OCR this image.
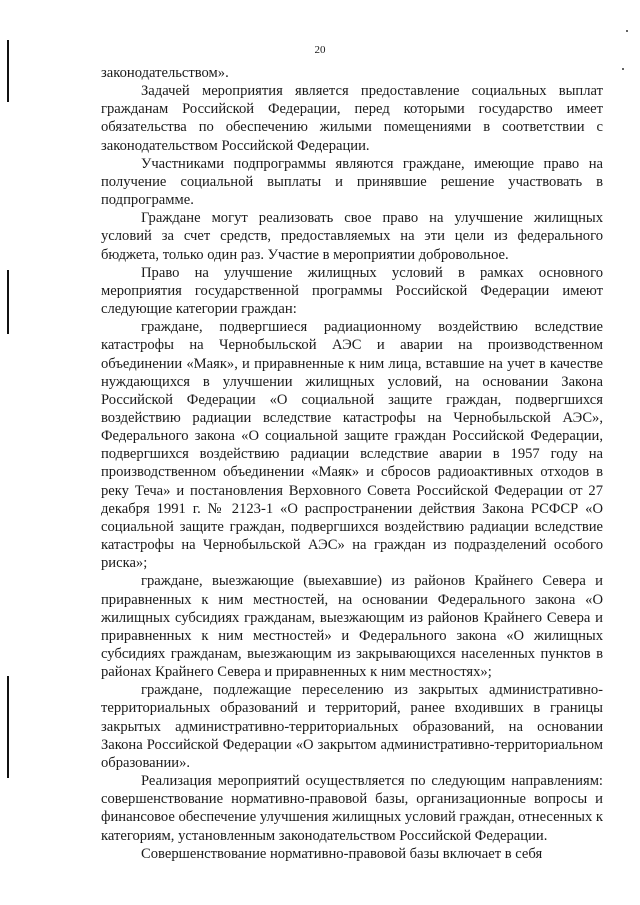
20

законодательством».

Задачей мероприятия является предоставление социальных выплат гражданам Российской Федерации, перед которыми государство имеет обязательства по обеспечению жилыми помещениями в соответствии с законодательством Российской Федерации.

Участниками подпрограммы являются граждане, имеющие право на получение социальной выплаты и принявшие решение участвовать в подпрограмме.

Граждане могут реализовать свое право на улучшение жилищных условий за счет средств, предоставляемых на эти цели из федерального бюджета, только один раз. Участие в мероприятии добровольное.

Право на улучшение жилищных условий в рамках основного мероприятия государственной программы Российской Федерации имеют следующие категории граждан:

граждане, подвергшиеся радиационному воздействию вследствие катастрофы на Чернобыльской АЭС и аварии на производственном объединении «Маяк», и приравненные к ним лица, вставшие на учет в качестве нуждающихся в улучшении жилищных условий, на основании Закона Российской Федерации «О социальной защите граждан, подвергшихся воздействию радиации вследствие катастрофы на Чернобыльской АЭС», Федерального закона «О социальной защите граждан Российской Федерации, подвергшихся воздействию радиации вследствие аварии в 1957 году на производственном объединении «Маяк» и сбросов радиоактивных отходов в реку Теча» и постановления Верховного Совета Российской Федерации от 27 декабря 1991 г. № 2123-1 «О распространении действия Закона РСФСР «О социальной защите граждан, подвергшихся воздействию радиации вследствие катастрофы на Чернобыльской АЭС» на граждан из подразделений особого риска»;

граждане, выезжающие (выехавшие) из районов Крайнего Севера и приравненных к ним местностей, на основании Федерального закона «О жилищных субсидиях гражданам, выезжающим из районов Крайнего Севера и приравненных к ним местностей» и Федерального закона «О жилищных субсидиях гражданам, выезжающим из закрывающихся населенных пунктов в районах Крайнего Севера и приравненных к ним местностях»;

граждане, подлежащие переселению из закрытых административно-территориальных образований и территорий, ранее входивших в границы закрытых административно-территориальных образований, на основании Закона Российской Федерации «О закрытом административно-территориальном образовании».

Реализация мероприятий осуществляется по следующим направлениям: совершенствование нормативно-правовой базы, организационные вопросы и финансовое обеспечение улучшения жилищных условий граждан, отнесенных к категориям, установленным законодательством Российской Федерации.

Совершенствование нормативно-правовой базы включает в себя
